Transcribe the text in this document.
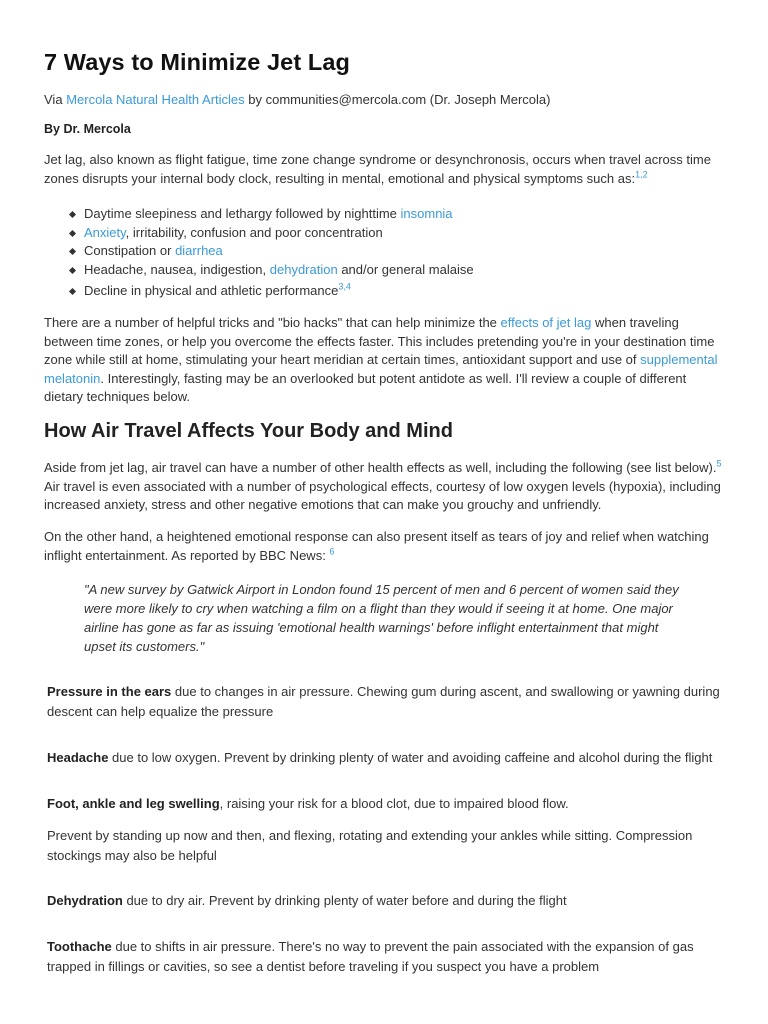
7 Ways to Minimize Jet Lag
Via Mercola Natural Health Articles by communities@mercola.com (Dr. Joseph Mercola)
By Dr. Mercola
Jet lag, also known as flight fatigue, time zone change syndrome or desynchronosis, occurs when travel across time zones disrupts your internal body clock, resulting in mental, emotional and physical symptoms such as:$^{1,2}$
Daytime sleepiness and lethargy followed by nighttime insomnia
Anxiety, irritability, confusion and poor concentration
Constipation or diarrhea
Headache, nausea, indigestion, dehydration and/or general malaise
Decline in physical and athletic performance$^{3,4}$
There are a number of helpful tricks and "bio hacks" that can help minimize the effects of jet lag when traveling between time zones, or help you overcome the effects faster. This includes pretending you're in your destination time zone while still at home, stimulating your heart meridian at certain times, antioxidant support and use of supplemental melatonin. Interestingly, fasting may be an overlooked but potent antidote as well. I'll review a couple of different dietary techniques below.
How Air Travel Affects Your Body and Mind
Aside from jet lag, air travel can have a number of other health effects as well, including the following (see list below).$^5$ Air travel is even associated with a number of psychological effects, courtesy of low oxygen levels (hypoxia), including increased anxiety, stress and other negative emotions that can make you grouchy and unfriendly.
On the other hand, a heightened emotional response can also present itself as tears of joy and relief when watching inflight entertainment. As reported by BBC News: $^6$
"A new survey by Gatwick Airport in London found 15 percent of men and 6 percent of women said they were more likely to cry when watching a film on a flight than they would if seeing it at home. One major airline has gone as far as issuing 'emotional health warnings' before inflight entertainment that might upset its customers."
Pressure in the ears due to changes in air pressure. Chewing gum during ascent, and swallowing or yawning during descent can help equalize the pressure
Headache due to low oxygen. Prevent by drinking plenty of water and avoiding caffeine and alcohol during the flight
Foot, ankle and leg swelling, raising your risk for a blood clot, due to impaired blood flow.
Prevent by standing up now and then, and flexing, rotating and extending your ankles while sitting. Compression stockings may also be helpful
Dehydration due to dry air. Prevent by drinking plenty of water before and during the flight
Toothache due to shifts in air pressure. There's no way to prevent the pain associated with the expansion of gas trapped in fillings or cavities, so see a dentist before traveling if you suspect you have a problem
